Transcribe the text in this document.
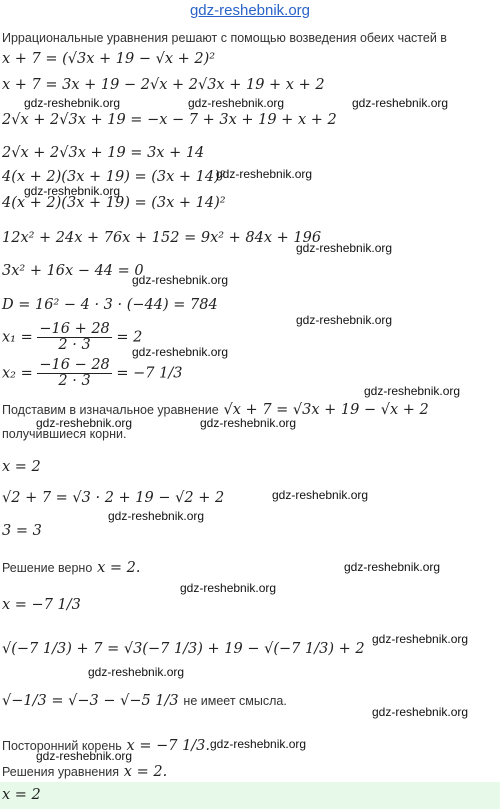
gdz-reshebnik.org
Иррациональные уравнения решают с помощью возведения обеих частей в
x + 7 = (√3x + 19 − √x + 2)²
x + 7 = 3x + 19 − 2√x + 2√3x + 19 + x + 2
2√x + 2√3x + 19 = −x − 7 + 3x + 19 + x + 2
2√x + 2√3x + 19 = 3x + 14
4(x + 2)(3x + 19) = (3x + 14)²
4(x + 2)(3x + 19) = (3x + 14)²
12x² + 24x + 76x + 152 = 9x² + 84x + 196
3x² + 16x − 44 = 0
D = 16² − 4 · 3 · (−44) = 784
$x_1 = \frac{-16 + 28}{2 \cdot 3} = 2$
$x_2 = \frac{-16 - 28}{2 \cdot 3} = -7$ 1/3
Подставим в изначальное уравнение √x + 7 = √3x + 19 − √x + 2
получившиеся корни.
x = 2
√2 + 7 = √3 · 2 + 19 − √2 + 2
3 = 3
Решение верно x = 2.
x = −7 1/3
√(−7 1/3) + 7 = √3(−7 1/3) + 19 − √(−7 1/3) + 2
√−1/3 = √−3 − √−5 1/3 не имеет смысла.
Посторонний корень x = −7 1/3.
Решения уравнения x = 2.
x = 2
gdz-reshebnik.org	gdz-reshebnik.org	gdz-reshebnik.org
gdz-reshebnik.org
gdz-reshebnik.org
gdz-reshebnik.org
gdz-reshebnik.org
gdz-reshebnik.org
gdz-reshebnik.org
gdz-reshebnik.org
gdz-reshebnik.org	gdz-reshebnik.org
gdz-reshebnik.org
gdz-reshebnik.org
gdz-reshebnik.org
gdz-reshebnik.org
gdz-reshebnik.org
gdz-reshebnik.org
gdz-reshebnik.org
gdz-reshebnik.org
gdz-reshebnik.org
